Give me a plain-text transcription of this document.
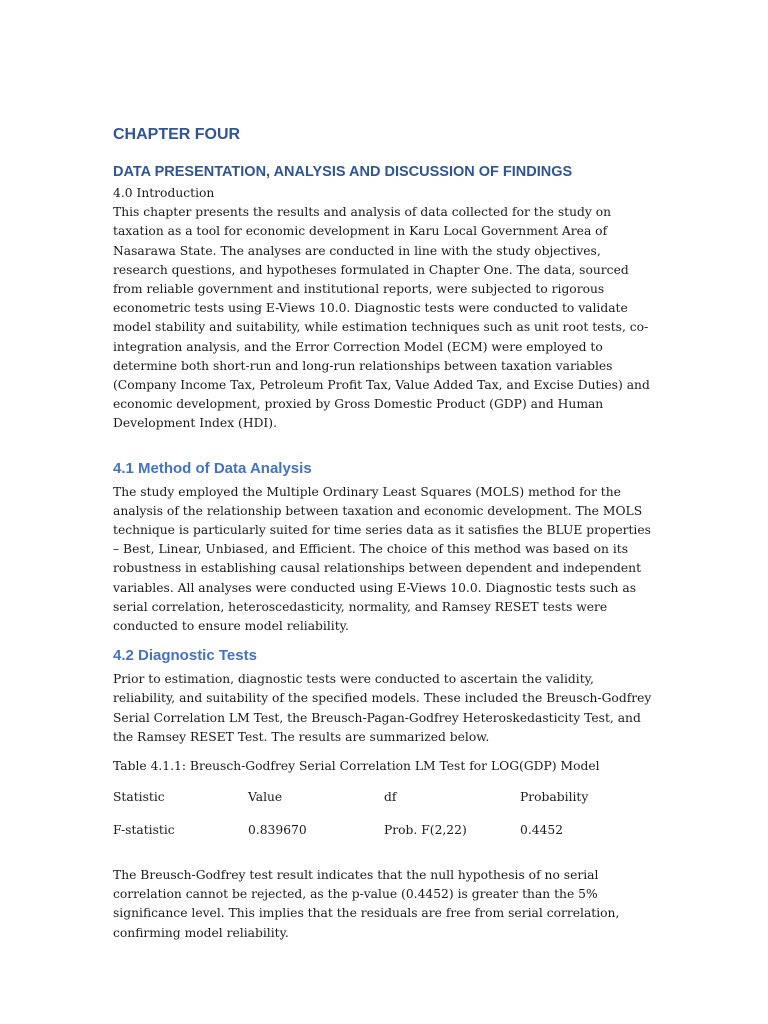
CHAPTER FOUR
DATA PRESENTATION, ANALYSIS AND DISCUSSION OF FINDINGS

4.0 Introduction

This chapter presents the results and analysis of data collected for the study on taxation as a tool for economic development in Karu Local Government Area of Nasarawa State. The analyses are conducted in line with the study objectives, research questions, and hypotheses formulated in Chapter One. The data, sourced from reliable government and institutional reports, were subjected to rigorous econometric tests using E-Views 10.0. Diagnostic tests were conducted to validate model stability and suitability, while estimation techniques such as unit root tests, co-integration analysis, and the Error Correction Model (ECM) were employed to determine both short-run and long-run relationships between taxation variables (Company Income Tax, Petroleum Profit Tax, Value Added Tax, and Excise Duties) and economic development, proxied by Gross Domestic Product (GDP) and Human Development Index (HDI).

4.1 Method of Data Analysis

The study employed the Multiple Ordinary Least Squares (MOLS) method for the analysis of the relationship between taxation and economic development. The MOLS technique is particularly suited for time series data as it satisfies the BLUE properties – Best, Linear, Unbiased, and Efficient. The choice of this method was based on its robustness in establishing causal relationships between dependent and independent variables. All analyses were conducted using E-Views 10.0. Diagnostic tests such as serial correlation, heteroscedasticity, normality, and Ramsey RESET tests were conducted to ensure model reliability.

4.2 Diagnostic Tests

Prior to estimation, diagnostic tests were conducted to ascertain the validity, reliability, and suitability of the specified models. These included the Breusch-Godfrey Serial Correlation LM Test, the Breusch-Pagan-Godfrey Heteroskedasticity Test, and the Ramsey RESET Test. The results are summarized below.

Table 4.1.1: Breusch-Godfrey Serial Correlation LM Test for LOG(GDP) Model

Statistic	Value	df	Probability
F-statistic	0.839670	Prob. F(2,22)	0.4452

The Breusch-Godfrey test result indicates that the null hypothesis of no serial correlation cannot be rejected, as the p-value (0.4452) is greater than the 5% significance level. This implies that the residuals are free from serial correlation, confirming model reliability.
